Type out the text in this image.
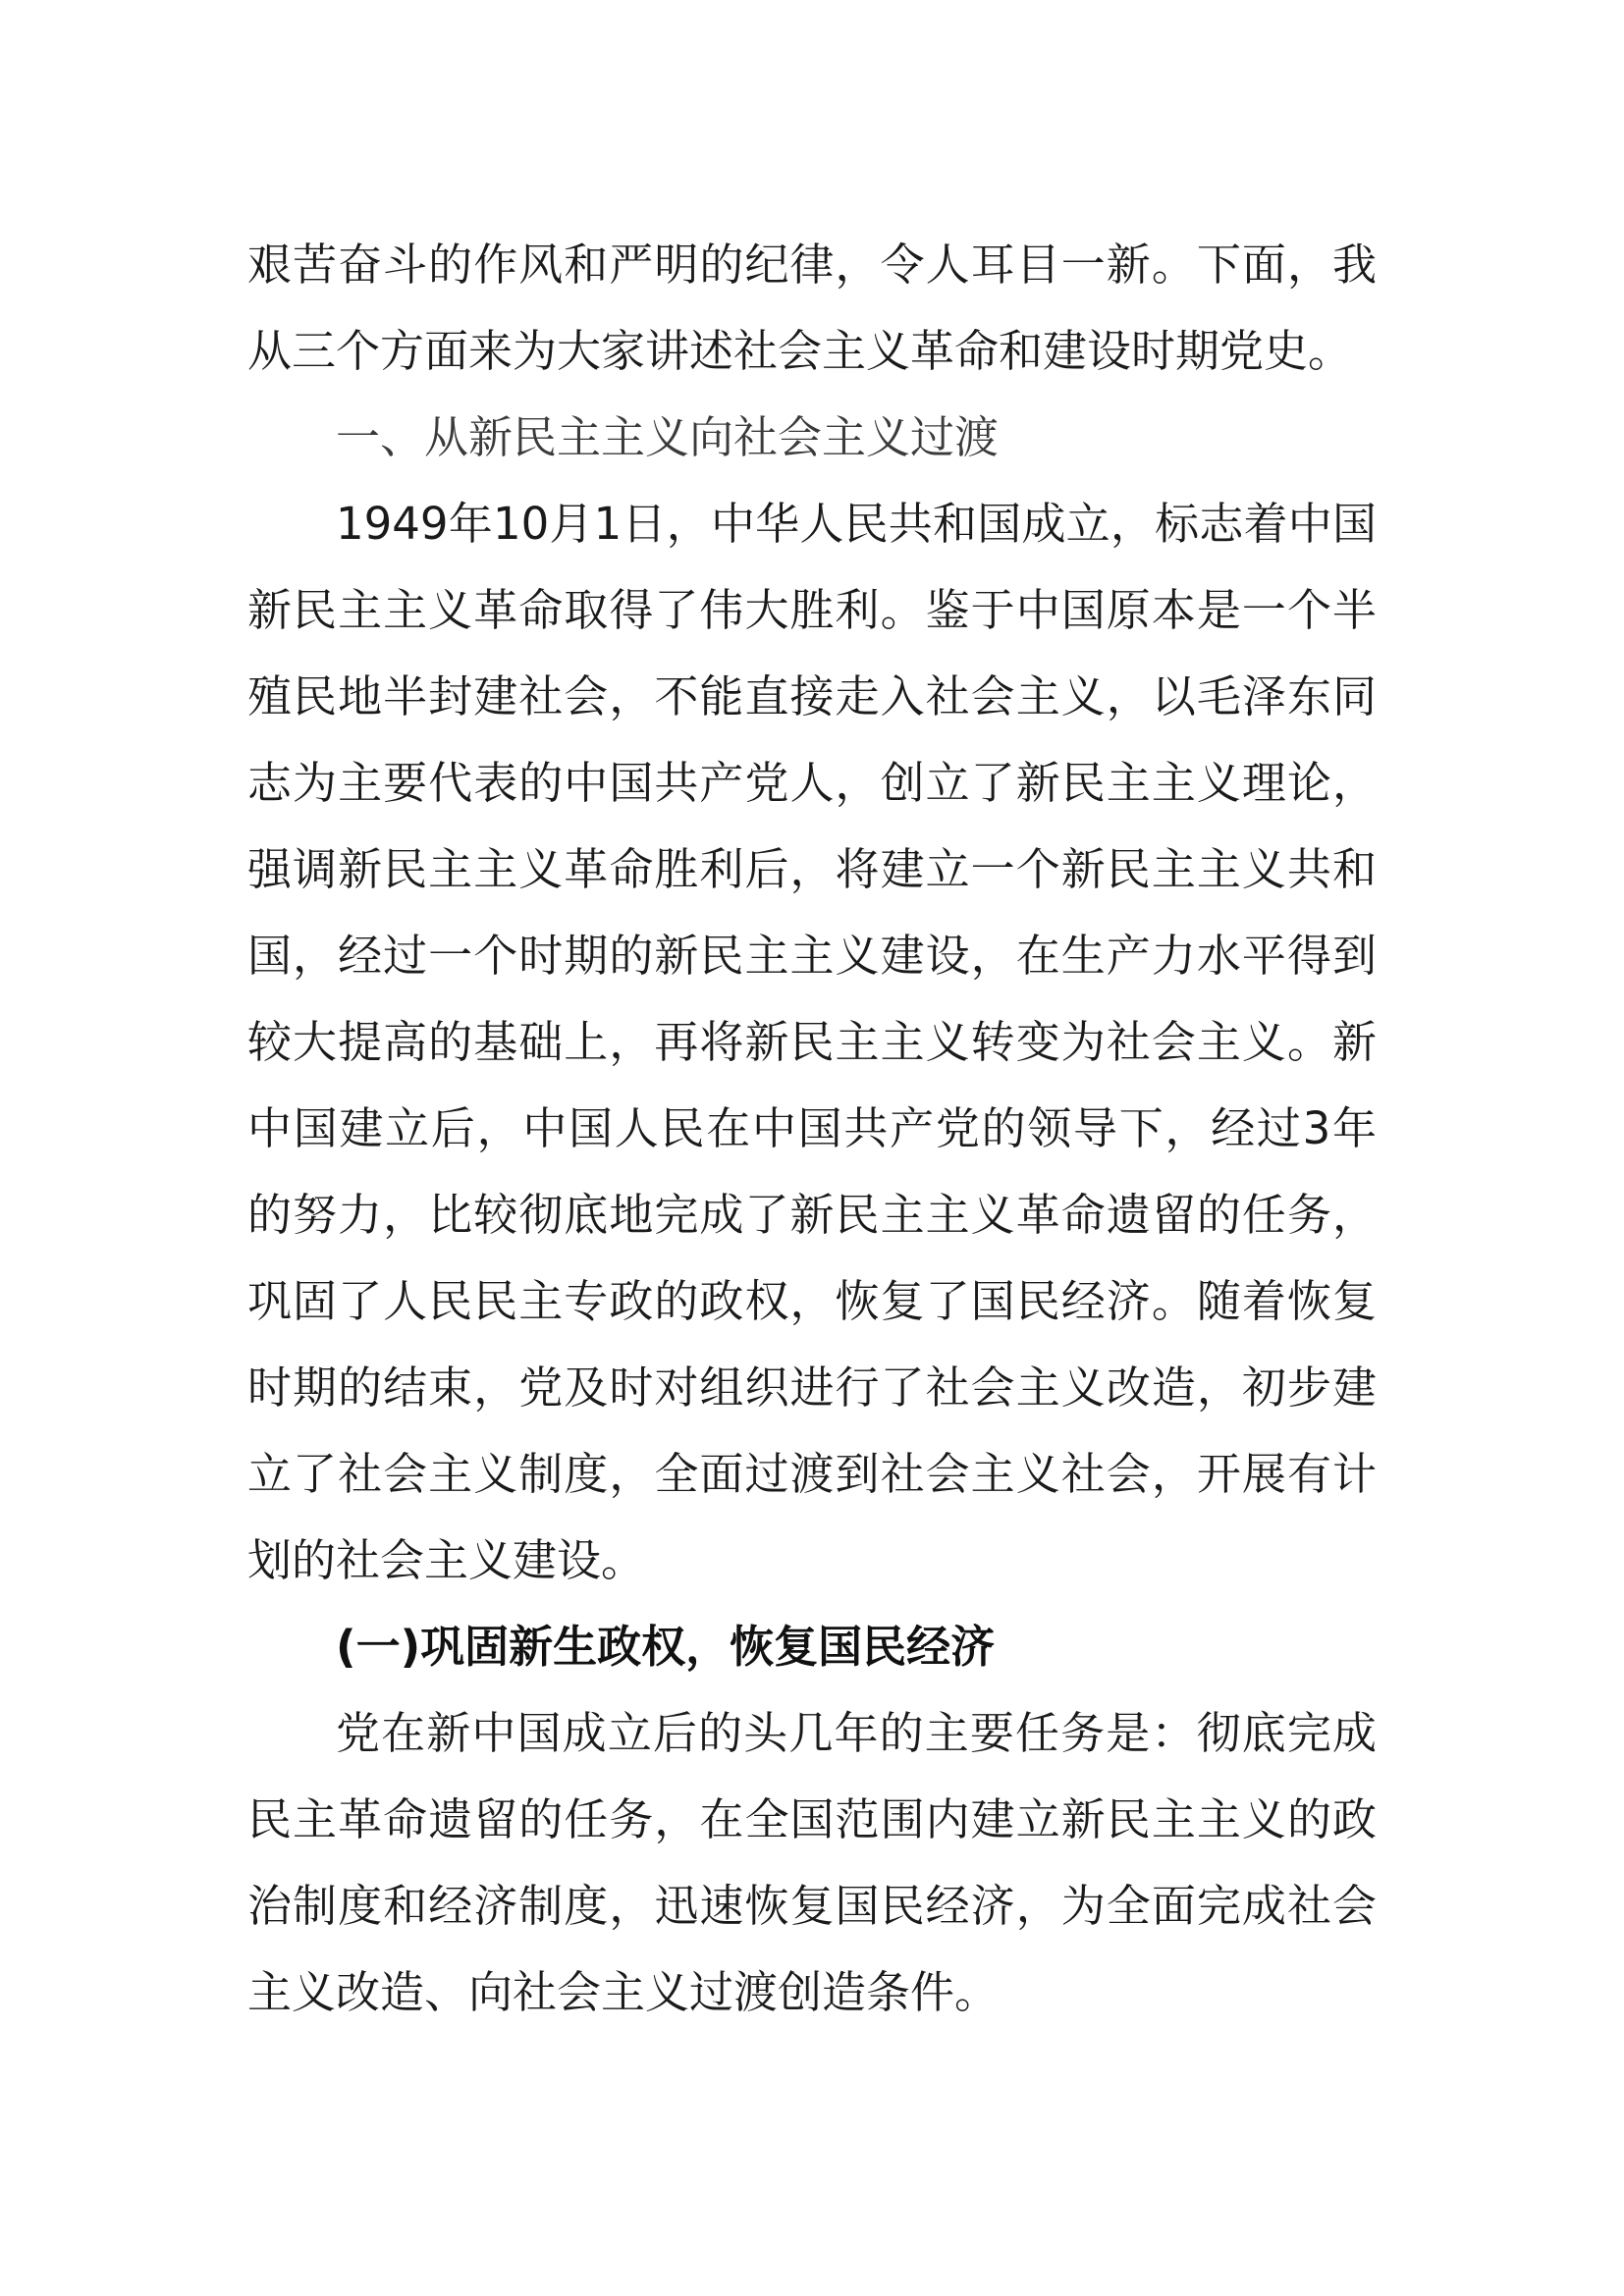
艰苦奋斗的作风和严明的纪律，令人耳目一新。下面，我从三个方面来为大家讲述社会主义革命和建设时期党史。

一、从新民主主义向社会主义过渡

1949年10月1日，中华人民共和国成立，标志着中国新民主主义革命取得了伟大胜利。鉴于中国原本是一个半殖民地半封建社会，不能直接走入社会主义，以毛泽东同志为主要代表的中国共产党人，创立了新民主主义理论，强调新民主主义革命胜利后，将建立一个新民主主义共和国，经过一个时期的新民主主义建设，在生产力水平得到较大提高的基础上，再将新民主主义转变为社会主义。新中国建立后，中国人民在中国共产党的领导下，经过3年的努力，比较彻底地完成了新民主主义革命遗留的任务，巩固了人民民主专政的政权，恢复了国民经济。随着恢复时期的结束，党及时对组织进行了社会主义改造，初步建立了社会主义制度，全面过渡到社会主义社会，开展有计划的社会主义建设。

(一)巩固新生政权，恢复国民经济

党在新中国成立后的头几年的主要任务是：彻底完成民主革命遗留的任务，在全国范围内建立新民主主义的政治制度和经济制度，迅速恢复国民经济，为全面完成社会主义改造、向社会主义过渡创造条件。
